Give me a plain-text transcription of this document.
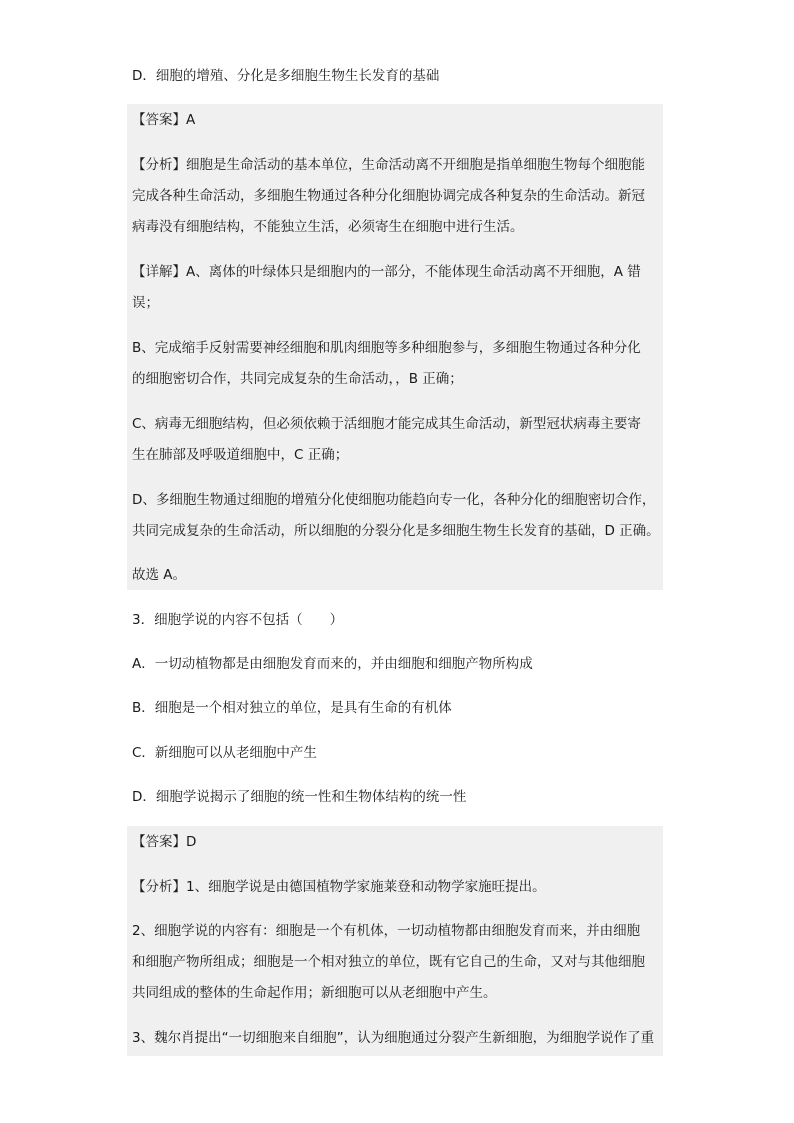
D．细胞的增殖、分化是多细胞生物生长发育的基础
【答案】A
【分析】细胞是生命活动的基本单位，生命活动离不开细胞是指单细胞生物每个细胞能
完成各种生命活动，多细胞生物通过各种分化细胞协调完成各种复杂的生命活动。新冠
病毒没有细胞结构，不能独立生活，必须寄生在细胞中进行生活。
【详解】A、离体的叶绿体只是细胞内的一部分，不能体现生命活动离不开细胞，A 错
误；
B、完成缩手反射需要神经细胞和肌肉细胞等多种细胞参与，多细胞生物通过各种分化
的细胞密切合作，共同完成复杂的生命活动，，B 正确；
C、病毒无细胞结构，但必须依赖于活细胞才能完成其生命活动，新型冠状病毒主要寄
生在肺部及呼吸道细胞中，C 正确；
D、多细胞生物通过细胞的增殖分化使细胞功能趋向专一化，各种分化的细胞密切合作，
共同完成复杂的生命活动，所以细胞的分裂分化是多细胞生物生长发育的基础，D 正确。
故选 A。
3．细胞学说的内容不包括（　　）
A．一切动植物都是由细胞发育而来的，并由细胞和细胞产物所构成
B．细胞是一个相对独立的单位，是具有生命的有机体
C．新细胞可以从老细胞中产生
D．细胞学说揭示了细胞的统一性和生物体结构的统一性
【答案】D
【分析】1、细胞学说是由德国植物学家施莱登和动物学家施旺提出。
2、细胞学说的内容有：细胞是一个有机体，一切动植物都由细胞发育而来，并由细胞
和细胞产物所组成；细胞是一个相对独立的单位，既有它自己的生命，又对与其他细胞
共同组成的整体的生命起作用；新细胞可以从老细胞中产生。
3、魏尔肖提出“一切细胞来自细胞”，认为细胞通过分裂产生新细胞，为细胞学说作了重
